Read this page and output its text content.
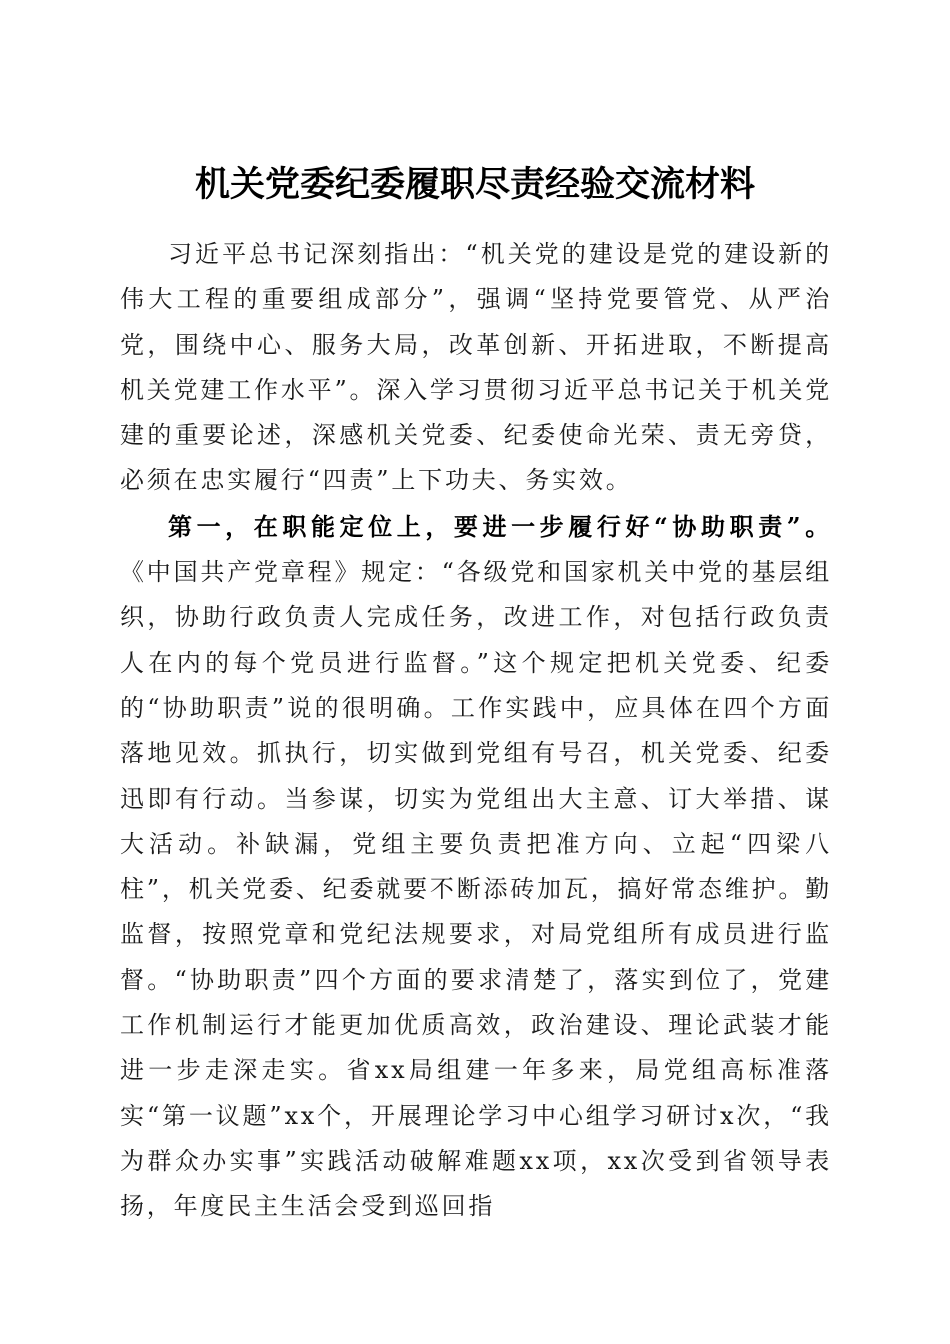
机关党委纪委履职尽责经验交流材料

习近平总书记深刻指出：“机关党的建设是党的建设新的伟大工程的重要组成部分”，强调“坚持党要管党、从严治党，围绕中心、服务大局，改革创新、开拓进取，不断提高机关党建工作水平”。深入学习贯彻习近平总书记关于机关党建的重要论述，深感机关党委、纪委使命光荣、责无旁贷，必须在忠实履行“四责”上下功夫、务实效。

第一，在职能定位上，要进一步履行好“协助职责”。《中国共产党章程》规定：“各级党和国家机关中党的基层组织，协助行政负责人完成任务，改进工作，对包括行政负责人在内的每个党员进行监督。”这个规定把机关党委、纪委的“协助职责”说的很明确。工作实践中，应具体在四个方面落地见效。抓执行，切实做到党组有号召，机关党委、纪委迅即有行动。当参谋，切实为党组出大主意、订大举措、谋大活动。补缺漏，党组主要负责把准方向、立起“四梁八柱”，机关党委、纪委就要不断添砖加瓦，搞好常态维护。勤监督，按照党章和党纪法规要求，对局党组所有成员进行监督。“协助职责”四个方面的要求清楚了，落实到位了，党建工作机制运行才能更加优质高效，政治建设、理论武装才能进一步走深走实。省xx局组建一年多来，局党组高标准落实“第一议题”xx个，开展理论学习中心组学习研讨x次，“我为群众办实事”实践活动破解难题xx项，xx次受到省领导表扬，年度民主生活会受到巡回指
